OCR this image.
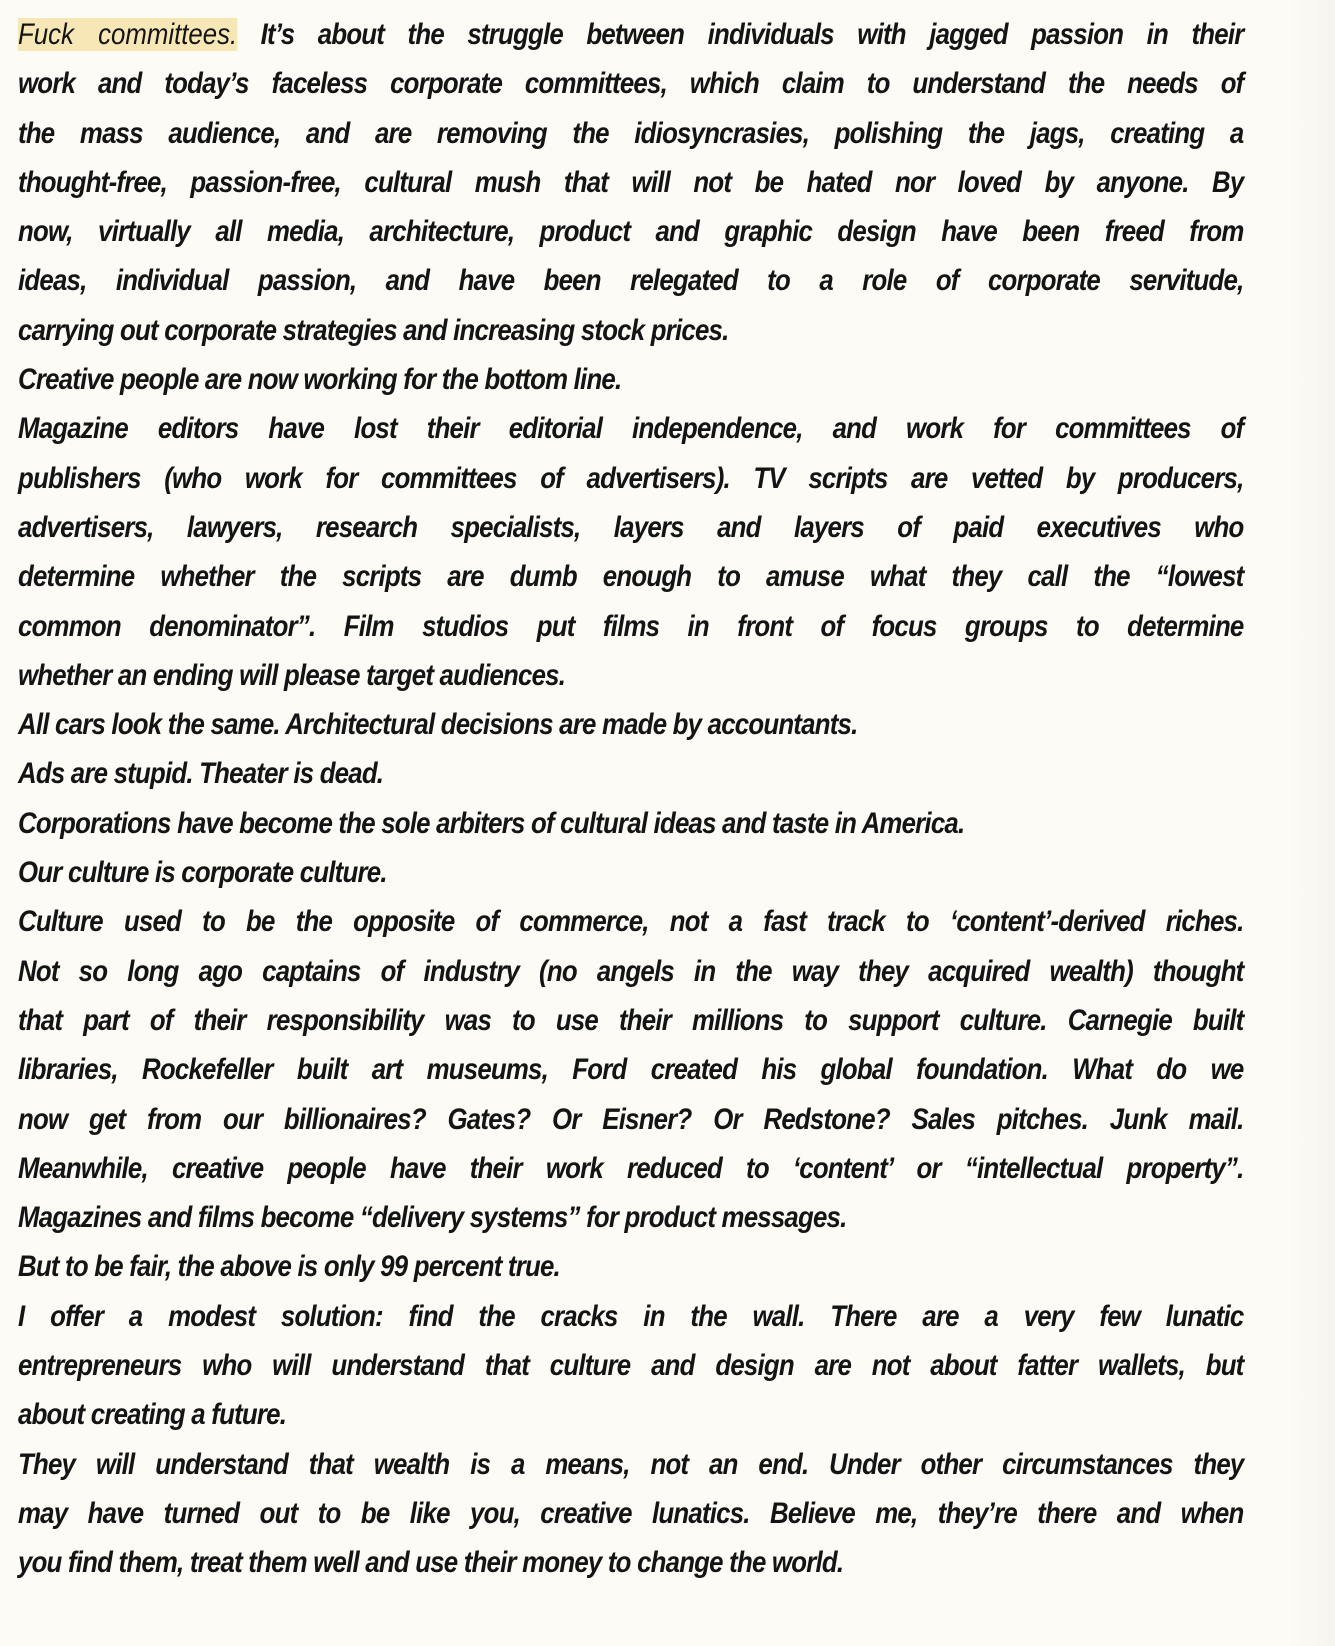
Fuck committees. It’s about the struggle between individuals with jagged passion in their
work and today’s faceless corporate committees, which claim to understand the needs of
the mass audience, and are removing the idiosyncrasies, polishing the jags, creating a
thought-free, passion-free, cultural mush that will not be hated nor loved by anyone. By
now, virtually all media, architecture, product and graphic design have been freed from
ideas, individual passion, and have been relegated to a role of corporate servitude,
carrying out corporate strategies and increasing stock prices.
Creative people are now working for the bottom line.
Magazine editors have lost their editorial independence, and work for committees of
publishers (who work for committees of advertisers). TV scripts are vetted by producers,
advertisers, lawyers, research specialists, layers and layers of paid executives who
determine whether the scripts are dumb enough to amuse what they call the “lowest
common denominator”. Film studios put films in front of focus groups to determine
whether an ending will please target audiences.
All cars look the same. Architectural decisions are made by accountants.
Ads are stupid. Theater is dead.
Corporations have become the sole arbiters of cultural ideas and taste in America.
Our culture is corporate culture.
Culture used to be the opposite of commerce, not a fast track to ‘content’-derived riches.
Not so long ago captains of industry (no angels in the way they acquired wealth) thought
that part of their responsibility was to use their millions to support culture. Carnegie built
libraries, Rockefeller built art museums, Ford created his global foundation. What do we
now get from our billionaires? Gates? Or Eisner? Or Redstone? Sales pitches. Junk mail.
Meanwhile, creative people have their work reduced to ‘content’ or “intellectual property”.
Magazines and films become “delivery systems” for product messages.
But to be fair, the above is only 99 percent true.
I offer a modest solution: find the cracks in the wall. There are a very few lunatic
entrepreneurs who will understand that culture and design are not about fatter wallets, but
about creating a future.
They will understand that wealth is a means, not an end. Under other circumstances they
may have turned out to be like you, creative lunatics. Believe me, they’re there and when
you find them, treat them well and use their money to change the world.
